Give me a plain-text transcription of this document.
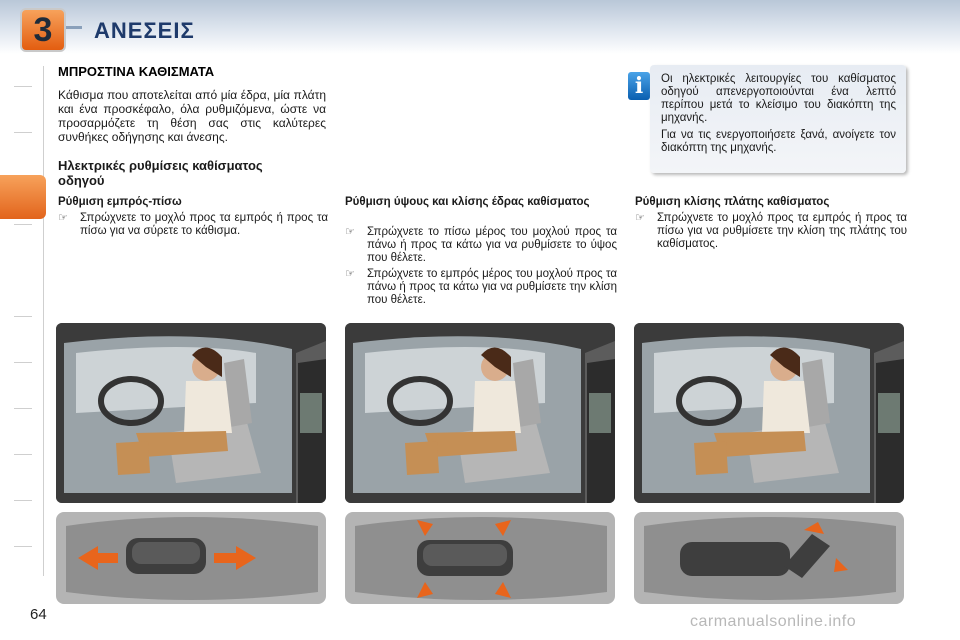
3	ΑΝΕΣΕΙΣ
ΜΠΡΟΣΤΙΝΑ ΚΑΘΙΣΜΑΤΑ
Κάθισμα που αποτελείται από μία έδρα, μία πλάτη και ένα προσκέφαλο, όλα ρυθμιζόμενα, ώστε να προσαρμόζετε τη θέση σας στις καλύτερες συνθήκες οδήγησης και άνεσης.
Ηλεκτρικές ρυθμίσεις καθίσματος οδηγού
Ρύθμιση εμπρός-πίσω
☞ Σπρώχνετε το μοχλό προς τα εμπρός ή προς τα πίσω για να σύρετε το κάθισμα.
Ρύθμιση ύψους και κλίσης έδρας καθίσματος
☞ Σπρώχνετε το πίσω μέρος του μοχλού προς τα πάνω ή προς τα κάτω για να ρυθμίσετε το ύψος που θέλετε.
☞ Σπρώχνετε το εμπρός μέρος του μοχλού προς τα πάνω ή προς τα κάτω για να ρυθμίσετε την κλίση που θέλετε.
Ρύθμιση κλίσης πλάτης καθίσματος
☞ Σπρώχνετε το μοχλό προς τα εμπρός ή προς τα πίσω για να ρυθμίσετε την κλίση της πλάτης του καθίσματος.
i	Οι ηλεκτρικές λειτουργίες του καθίσματος οδηγού απενεργοποιούνται ένα λεπτό περίπου μετά το κλείσιμο του διακόπτη της μηχανής.

Για να τις ενεργοποιήσετε ξανά, ανοίγετε τον διακόπτη της μηχανής.

64	carmanualsonline.info
